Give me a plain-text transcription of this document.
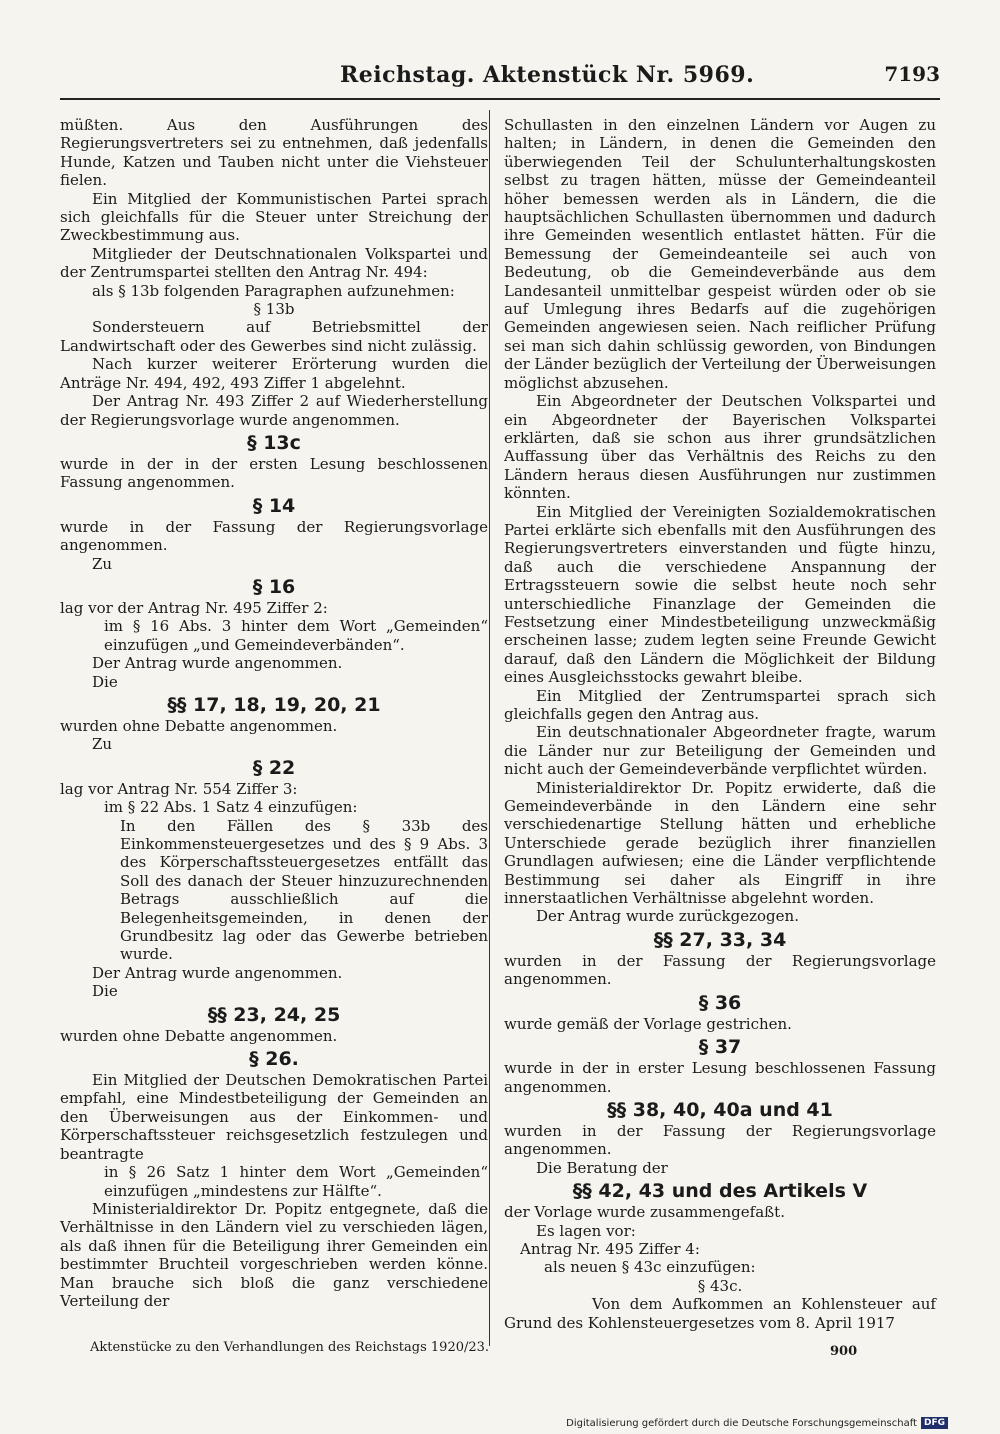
Reichstag. Aktenstück Nr. 5969.	7193

müßten. Aus den Ausführungen des Regierungsvertreters sei zu entnehmen, daß jedenfalls Hunde, Katzen und Tauben nicht unter die Viehsteuer fielen.

Ein Mitglied der Kommunistischen Partei sprach sich gleichfalls für die Steuer unter Streichung der Zweckbestimmung aus.

Mitglieder der Deutschnationalen Volkspartei und der Zentrumspartei stellten den Antrag Nr. 494:

als § 13b folgenden Paragraphen aufzunehmen:

§ 13b

Sondersteuern auf Betriebsmittel der Landwirtschaft oder des Gewerbes sind nicht zulässig.

Nach kurzer weiterer Erörterung wurden die Anträge Nr. 494, 492, 493 Ziffer 1 abgelehnt.

Der Antrag Nr. 493 Ziffer 2 auf Wiederherstellung der Regierungsvorlage wurde angenommen.

§ 13c

wurde in der in der ersten Lesung beschlossenen Fassung angenommen.

§ 14

wurde in der Fassung der Regierungsvorlage angenommen.

Zu

§ 16

lag vor der Antrag Nr. 495 Ziffer 2:

im § 16 Abs. 3 hinter dem Wort „Gemeinden“ einzufügen „und Gemeindeverbänden“.

Der Antrag wurde angenommen.

Die

§§ 17, 18, 19, 20, 21

wurden ohne Debatte angenommen.

Zu

§ 22

lag vor Antrag Nr. 554 Ziffer 3:

im § 22 Abs. 1 Satz 4 einzufügen:

In den Fällen des § 33b des Einkommensteuergesetzes und des § 9 Abs. 3 des Körperschaftssteuergesetzes entfällt das Soll des danach der Steuer hinzuzurechnenden Betrags ausschließlich auf die Belegenheitsgemeinden, in denen der Grundbesitz lag oder das Gewerbe betrieben wurde.

Der Antrag wurde angenommen.

Die

§§ 23, 24, 25

wurden ohne Debatte angenommen.

§ 26.

Ein Mitglied der Deutschen Demokratischen Partei empfahl, eine Mindestbeteiligung der Gemeinden an den Überweisungen aus der Einkommen- und Körperschaftssteuer reichsgesetzlich festzulegen und beantragte

in § 26 Satz 1 hinter dem Wort „Gemeinden“ einzufügen „mindestens zur Hälfte“.

Ministerialdirektor Dr. Popitz entgegnete, daß die Verhältnisse in den Ländern viel zu verschieden lägen, als daß ihnen für die Beteiligung ihrer Gemeinden ein bestimmter Bruchteil vorgeschrieben werden könne. Man brauche sich bloß die ganz verschiedene Verteilung der

Schullasten in den einzelnen Ländern vor Augen zu halten; in Ländern, in denen die Gemeinden den überwiegenden Teil der Schulunterhaltungskosten selbst zu tragen hätten, müsse der Gemeindeanteil höher bemessen werden als in Ländern, die die hauptsächlichen Schullasten übernommen und dadurch ihre Gemeinden wesentlich entlastet hätten. Für die Bemessung der Gemeindeanteile sei auch von Bedeutung, ob die Gemeindeverbände aus dem Landesanteil unmittelbar gespeist würden oder ob sie auf Umlegung ihres Bedarfs auf die zugehörigen Gemeinden angewiesen seien. Nach reiflicher Prüfung sei man sich dahin schlüssig geworden, von Bindungen der Länder bezüglich der Verteilung der Überweisungen möglichst abzusehen.

Ein Abgeordneter der Deutschen Volkspartei und ein Abgeordneter der Bayerischen Volkspartei erklärten, daß sie schon aus ihrer grundsätzlichen Auffassung über das Verhältnis des Reichs zu den Ländern heraus diesen Ausführungen nur zustimmen könnten.

Ein Mitglied der Vereinigten Sozialdemokratischen Partei erklärte sich ebenfalls mit den Ausführungen des Regierungsvertreters einverstanden und fügte hinzu, daß auch die verschiedene Anspannung der Ertragssteuern sowie die selbst heute noch sehr unterschiedliche Finanzlage der Gemeinden die Festsetzung einer Mindestbeteiligung unzweckmäßig erscheinen lasse; zudem legten seine Freunde Gewicht darauf, daß den Ländern die Möglichkeit der Bildung eines Ausgleichsstocks gewahrt bleibe.

Ein Mitglied der Zentrumspartei sprach sich gleichfalls gegen den Antrag aus.

Ein deutschnationaler Abgeordneter fragte, warum die Länder nur zur Beteiligung der Gemeinden und nicht auch der Gemeindeverbände verpflichtet würden.

Ministerialdirektor Dr. Popitz erwiderte, daß die Gemeindeverbände in den Ländern eine sehr verschiedenartige Stellung hätten und erhebliche Unterschiede gerade bezüglich ihrer finanziellen Grundlagen aufwiesen; eine die Länder verpflichtende Bestimmung sei daher als Eingriff in ihre innerstaatlichen Verhältnisse abgelehnt worden.

Der Antrag wurde zurückgezogen.

§§ 27, 33, 34

wurden in der Fassung der Regierungsvorlage angenommen.

§ 36

wurde gemäß der Vorlage gestrichen.

§ 37

wurde in der in erster Lesung beschlossenen Fassung angenommen.

§§ 38, 40, 40a und 41

wurden in der Fassung der Regierungsvorlage angenommen.

Die Beratung der

§§ 42, 43 und des Artikels V

der Vorlage wurde zusammengefaßt.

Es lagen vor:

Antrag Nr. 495 Ziffer 4:

als neuen § 43c einzufügen:

§ 43c.

Von dem Aufkommen an Kohlensteuer auf Grund des Kohlensteuergesetzes vom 8. April 1917

Aktenstücke zu den Verhandlungen des Reichstags 1920/23.	900
Digitalisierung gefördert durch die Deutsche Forschungsgemeinschaft DFG
